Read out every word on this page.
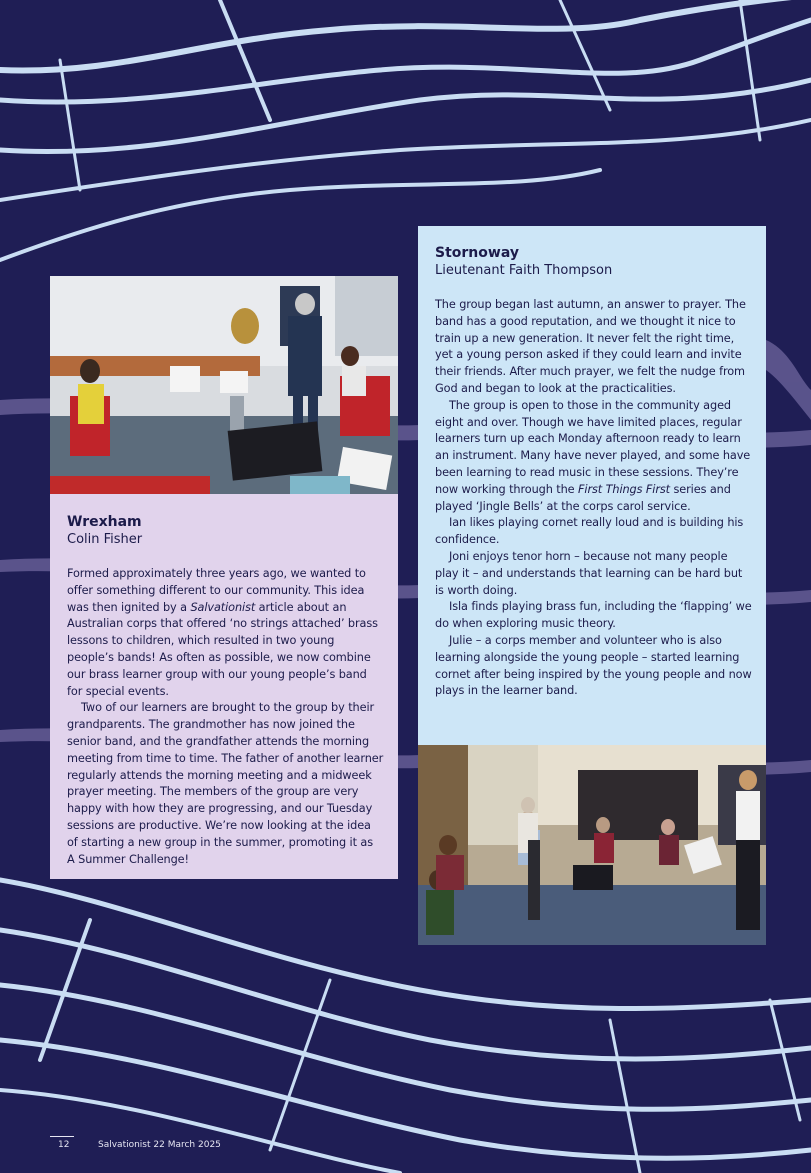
Wrexham

Colin Fisher

Formed approximately three years ago, we wanted to offer something different to our community. This idea was then ignited by a Salvationist article about an Australian corps that offered ‘no strings attached’ brass lessons to children, which resulted in two young people’s bands! As often as possible, we now combine our brass learner group with our young people’s band for special events.

Two of our learners are brought to the group by their grandparents. The grandmother has now joined the senior band, and the grandfather attends the morning meeting from time to time. The father of another learner regularly attends the morning meeting and a midweek prayer meeting. The members of the group are very happy with how they are progressing, and our Tuesday sessions are productive. We’re now looking at the idea of starting a new group in the summer, promoting it as A Summer Challenge!

Stornoway

Lieutenant Faith Thompson

The group began last autumn, an answer to prayer. The band has a good reputation, and we thought it nice to train up a new generation. It never felt the right time, yet a young person asked if they could learn and invite their friends. After much prayer, we felt the nudge from God and began to look at the practicalities.

The group is open to those in the community aged eight and over. Though we have limited places, regular learners turn up each Monday afternoon ready to learn an instrument. Many have never played, and some have been learning to read music in these sessions. They’re now working through the First Things First series and played ‘Jingle Bells’ at the corps carol service.

Ian likes playing cornet really loud and is building his confidence.

Joni enjoys tenor horn – because not many people play it – and understands that learning can be hard but is worth doing.

Isla finds playing brass fun, including the ‘flapping’ we do when exploring music theory.

Julie – a corps member and volunteer who is also learning alongside the young people – started learning cornet after being inspired by the young people and now plays in the learner band.

12	Salvationist 22 March 2025
